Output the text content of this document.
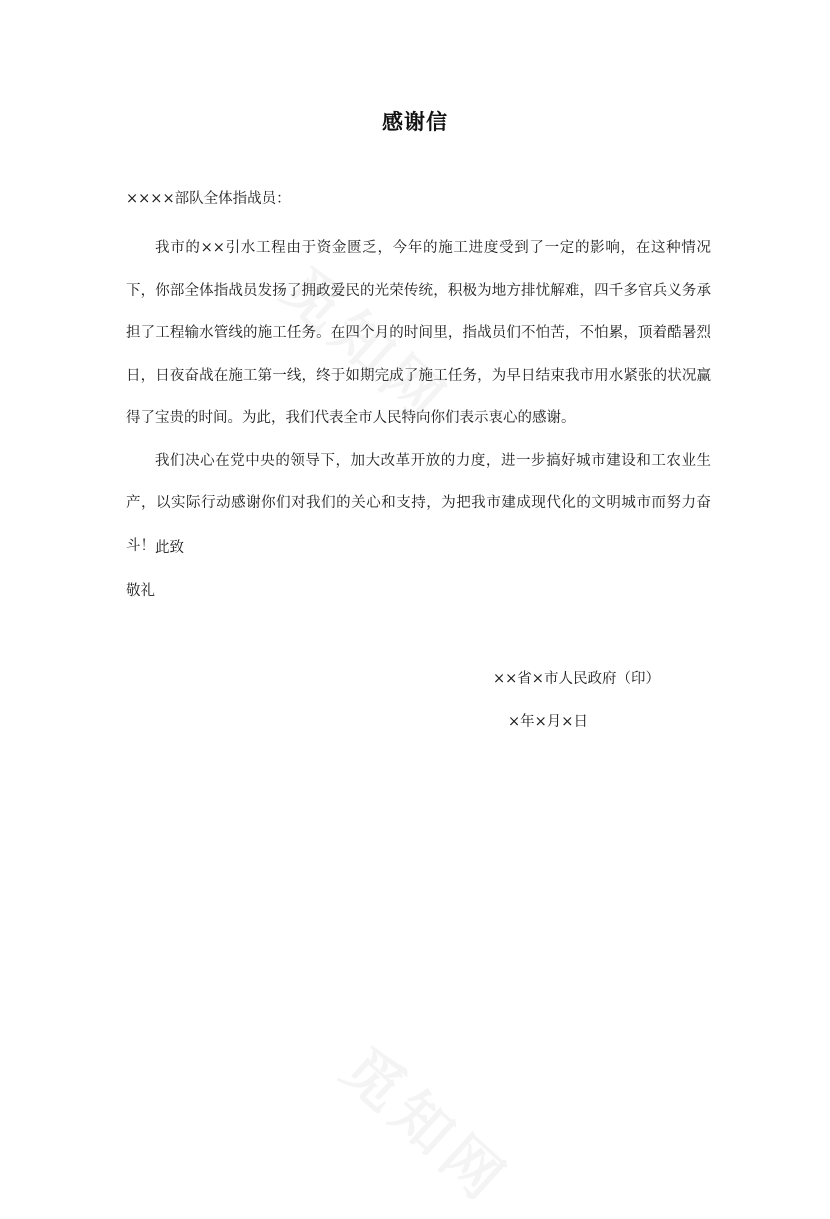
感谢信
××××部队全体指战员：

我市的××引水工程由于资金匮乏，今年的施工进度受到了一定的影响，在这种情况下，你部全体指战员发扬了拥政爱民的光荣传统，积极为地方排忧解难，四千多官兵义务承担了工程输水管线的施工任务。在四个月的时间里，指战员们不怕苦，不怕累，顶着酷暑烈日，日夜奋战在施工第一线，终于如期完成了施工任务，为早日结束我市用水紧张的状况赢得了宝贵的时间。为此，我们代表全市人民特向你们表示衷心的感谢。

我们决心在党中央的领导下，加大改革开放的力度，进一步搞好城市建设和工农业生产，以实际行动感谢你们对我们的关心和支持，为把我市建成现代化的文明城市而努力奋斗！ 此致
敬礼
××省×市人民政府（印）
×年×月×日
